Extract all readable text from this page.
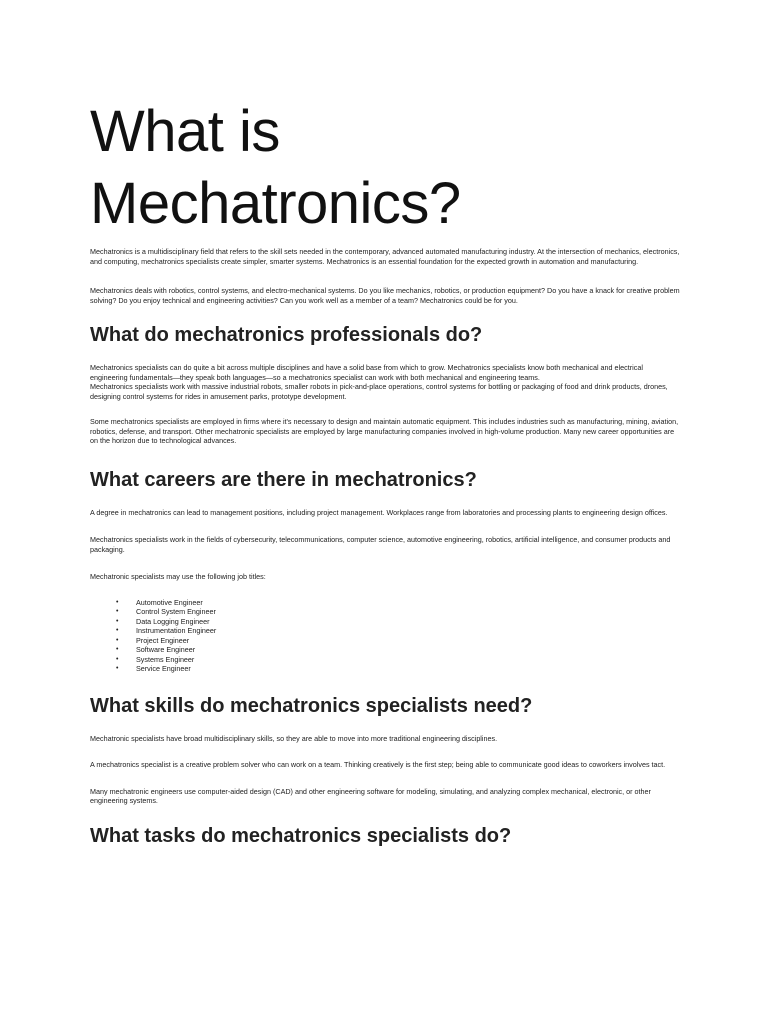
What is
Mechatronics?

Mechatronics is a multidisciplinary field that refers to the skill sets needed in the contemporary, advanced automated manufacturing industry. At the intersection of mechanics, electronics, and computing, mechatronics specialists create simpler, smarter systems. Mechatronics is an essential foundation for the expected growth in automation and manufacturing.

Mechatronics deals with robotics, control systems, and electro-mechanical systems. Do you like mechanics, robotics, or production equipment? Do you have a knack for creative problem solving? Do you enjoy technical and engineering activities? Can you work well as a member of a team? Mechatronics could be for you.

What do mechatronics professionals do?

Mechatronics specialists can do quite a bit across multiple disciplines and have a solid base from which to grow. Mechatronics specialists know both mechanical and electrical engineering fundamentals—they speak both languages—so a mechatronics specialist can work with both mechanical and engineering teams.

Mechatronics specialists work with massive industrial robots, smaller robots in pick-and-place operations, control systems for bottling or packaging of food and drink products, drones, designing control systems for rides in amusement parks, prototype development.

Some mechatronics specialists are employed in firms where it's necessary to design and maintain automatic equipment. This includes industries such as manufacturing, mining, aviation, robotics, defense, and transport. Other mechatronic specialists are employed by large manufacturing companies involved in high-volume production. Many new career opportunities are on the horizon due to technological advances.

What careers are there in mechatronics?

A degree in mechatronics can lead to management positions, including project management. Workplaces range from laboratories and processing plants to engineering design offices.

Mechatronics specialists work in the fields of cybersecurity, telecommunications, computer science, automotive engineering, robotics, artificial intelligence, and consumer products and packaging.

Mechatronic specialists may use the following job titles:

• Automotive Engineer
• Control System Engineer
• Data Logging Engineer
• Instrumentation Engineer
• Project Engineer
• Software Engineer
• Systems Engineer
• Service Engineer
What skills do mechatronics specialists need?

Mechatronic specialists have broad multidisciplinary skills, so they are able to move into more traditional engineering disciplines.

A mechatronics specialist is a creative problem solver who can work on a team. Thinking creatively is the first step; being able to communicate good ideas to coworkers involves tact.

Many mechatronic engineers use computer-aided design (CAD) and other engineering software for modeling, simulating, and analyzing complex mechanical, electronic, or other engineering systems.

What tasks do mechatronics specialists do?
